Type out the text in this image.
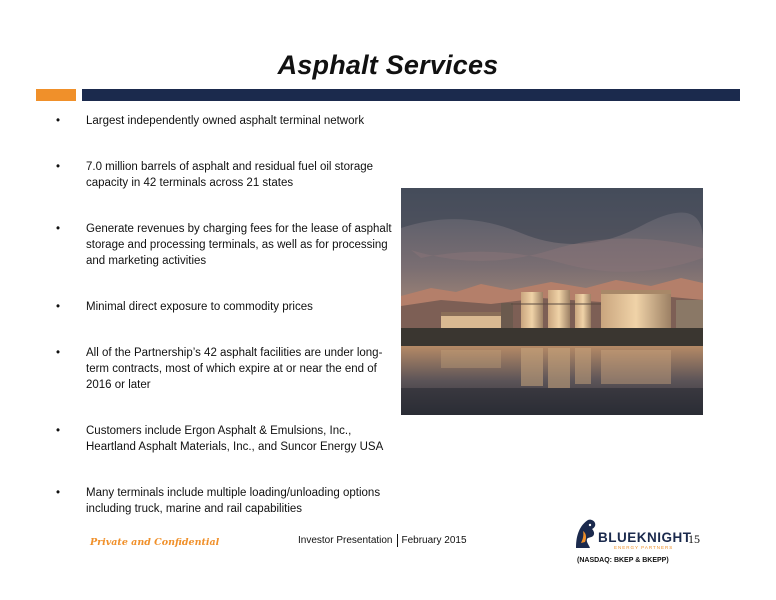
Asphalt Services
•	Largest independently owned asphalt terminal network
•	7.0 million barrels of asphalt and residual fuel oil storage capacity in 42 terminals across 21 states
•	Generate revenues by charging fees for the lease of asphalt storage and processing terminals, as well as for processing and marketing activities
•	Minimal direct exposure to commodity prices
•	All of the Partnership’s 42 asphalt facilities are under long-term contracts, most of which expire at or near the end of 2016 or later
•	Customers include Ergon Asphalt & Emulsions, Inc., Heartland Asphalt Materials, Inc., and Suncor Energy USA
•	Many terminals include multiple loading/unloading options including truck, marine and rail capabilities
Private and Confidential	Investor Presentation February 2015	BLUEKNIGHT
ENERGY PARTNERS
15
(NASDAQ: BKEP & BKEPP)
